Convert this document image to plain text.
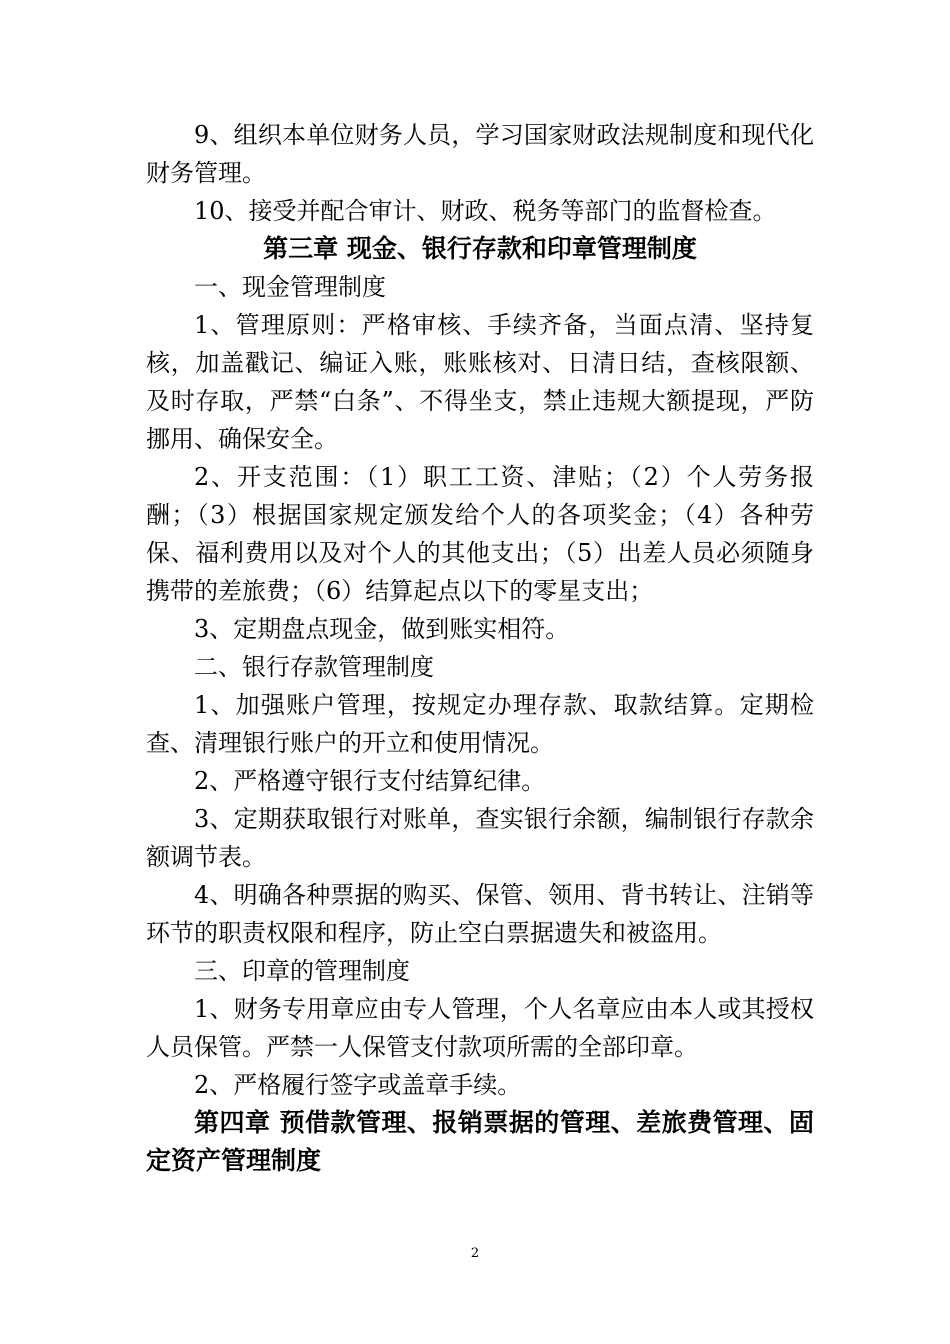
9、组织本单位财务人员，学习国家财政法规制度和现代化财务管理。

10、接受并配合审计、财政、税务等部门的监督检查。

第三章 现金、银行存款和印章管理制度

一、现金管理制度

1、管理原则：严格审核、手续齐备，当面点清、坚持复核，加盖戳记、编证入账，账账核对、日清日结，查核限额、及时存取，严禁“白条”、不得坐支，禁止违规大额提现，严防挪用、确保安全。

2、开支范围：（1）职工工资、津贴；（2）个人劳务报酬；（3）根据国家规定颁发给个人的各项奖金；（4）各种劳保、福利费用以及对个人的其他支出；（5）出差人员必须随身携带的差旅费；（6）结算起点以下的零星支出；

3、定期盘点现金，做到账实相符。

二、银行存款管理制度

1、加强账户管理，按规定办理存款、取款结算。定期检查、清理银行账户的开立和使用情况。

2、严格遵守银行支付结算纪律。

3、定期获取银行对账单，查实银行余额，编制银行存款余额调节表。

4、明确各种票据的购买、保管、领用、背书转让、注销等环节的职责权限和程序，防止空白票据遗失和被盗用。

三、印章的管理制度

1、财务专用章应由专人管理，个人名章应由本人或其授权人员保管。严禁一人保管支付款项所需的全部印章。

2、严格履行签字或盖章手续。

第四章 预借款管理、报销票据的管理、差旅费管理、固定资产管理制度

2
